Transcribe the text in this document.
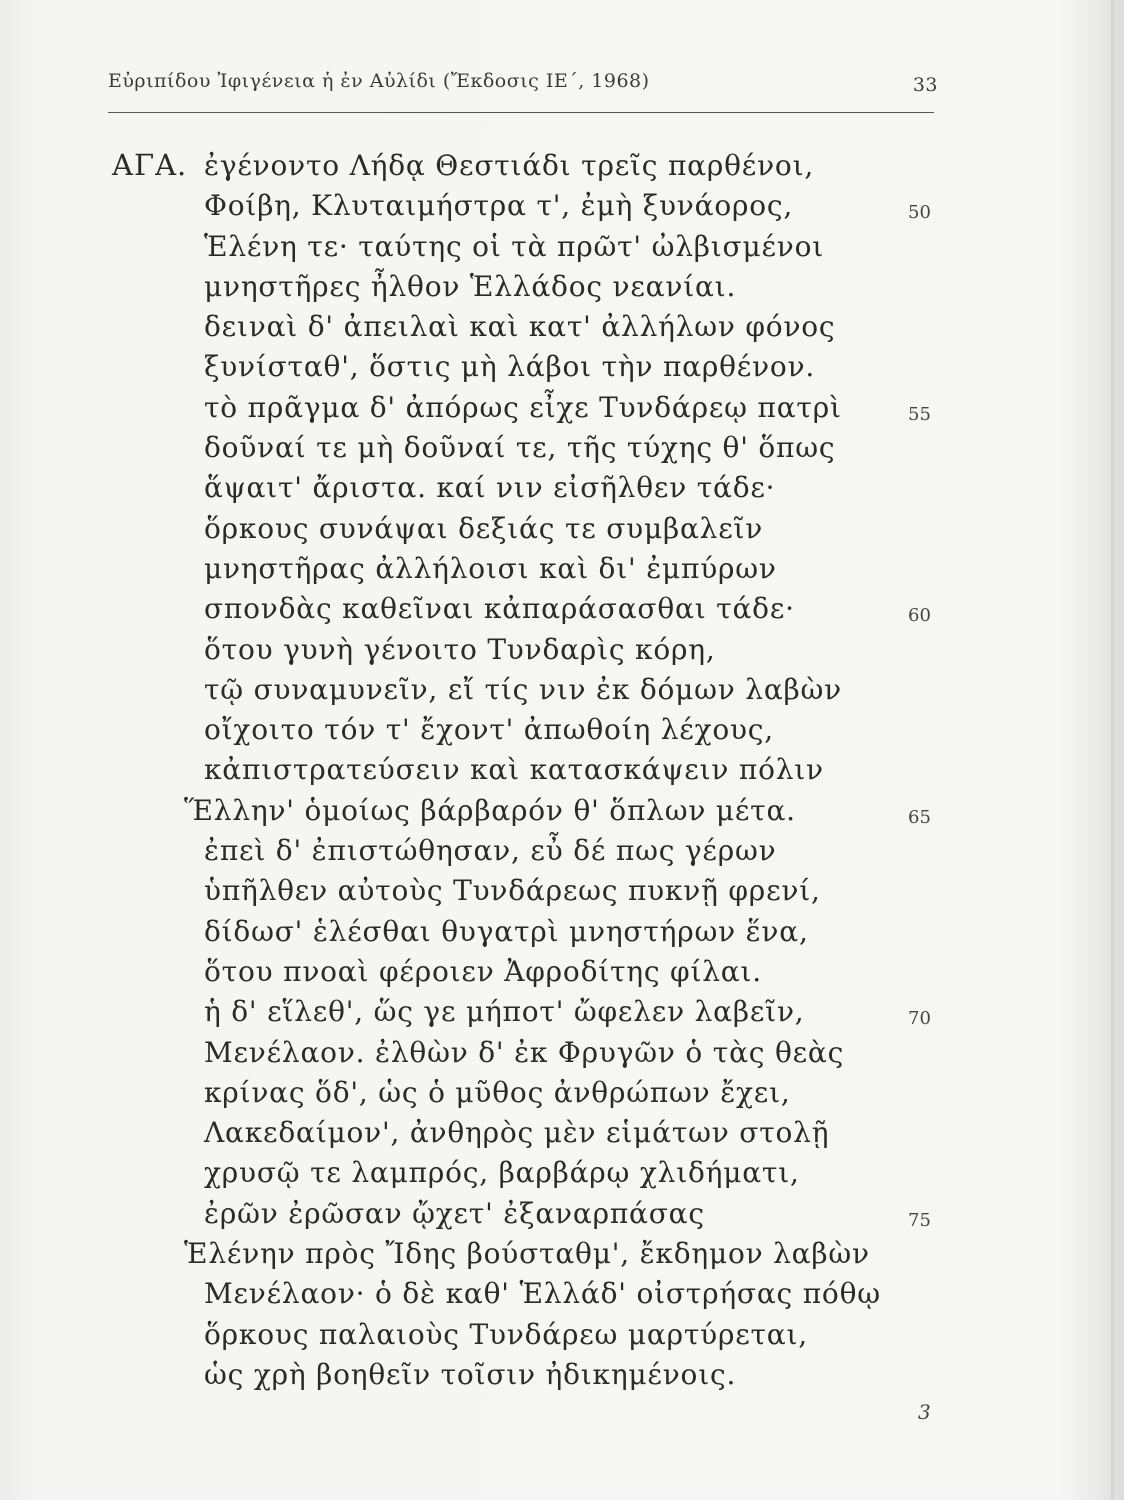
Εὐριπίδου Ἰφιγένεια ἡ ἐν Αὐλίδι (Ἔκδοσις ΙΕ΄, 1968)	33
ΑΓΑ. ἐγένοντο Λήδᾳ Θεστιάδι τρεῖς παρθένοι,
Φοίβη, Κλυταιμήστρα τ', ἐμὴ ξυνάορος,
Ἑλένη τε· ταύτης οἱ τὰ πρῶτ' ὠλβισμένοι
μνηστῆρες ἦλθον Ἑλλάδος νεανίαι.
δειναὶ δ' ἀπειλαὶ καὶ κατ' ἀλλήλων φόνος
ξυνίσταθ', ὅστις μὴ λάβοι τὴν παρθένον.
τὸ πρᾶγμα δ' ἀπόρως εἶχε Τυνδάρεῳ πατρὶ
δοῦναί τε μὴ δοῦναί τε, τῆς τύχης θ' ὅπως
ἅψαιτ' ἄριστα. καί νιν εἰσῆλθεν τάδε·
ὅρκους συνάψαι δεξιάς τε συμβαλεῖν
μνηστῆρας ἀλλήλοισι καὶ δι' ἐμπύρων
σπονδὰς καθεῖναι κἀπαράσασθαι τάδε·
ὅτου γυνὴ γένοιτο Τυνδαρὶς κόρη,
τῷ συναμυνεῖν, εἴ τίς νιν ἐκ δόμων λαβὼν
οἴχοιτο τόν τ' ἔχοντ' ἀπωθοίη λέχους,
κἀπιστρατεύσειν καὶ κατασκάψειν πόλιν
Ἕλλην' ὁμοίως βάρβαρόν θ' ὅπλων μέτα.
ἐπεὶ δ' ἐπιστώθησαν, εὖ δέ πως γέρων
ὑπῆλθεν αὐτοὺς Τυνδάρεως πυκνῇ φρενί,
δίδωσ' ἑλέσθαι θυγατρὶ μνηστήρων ἕνα,
ὅτου πνοαὶ φέροιεν Ἀφροδίτης φίλαι.
ἡ δ' εἵλεθ', ὥς γε μήποτ' ὤφελεν λαβεῖν,
Μενέλαον. ἐλθὼν δ' ἐκ Φρυγῶν ὁ τὰς θεὰς
κρίνας ὅδ', ὡς ὁ μῦθος ἀνθρώπων ἔχει,
Λακεδαίμον', ἀνθηρὸς μὲν εἱμάτων στολῇ
χρυσῷ τε λαμπρός, βαρβάρῳ χλιδήματι,
ἐρῶν ἐρῶσαν ᾤχετ' ἐξαναρπάσας
Ἑλένην πρὸς Ἴδης βούσταθμ', ἔκδημον λαβὼν
Μενέλαον· ὁ δὲ καθ' Ἑλλάδ' οἰστρήσας πόθῳ
ὅρκους παλαιοὺς Τυνδάρεω μαρτύρεται,
ὡς χρὴ βοηθεῖν τοῖσιν ἠδικημένοις.
50
55
60
65
70
75
3
